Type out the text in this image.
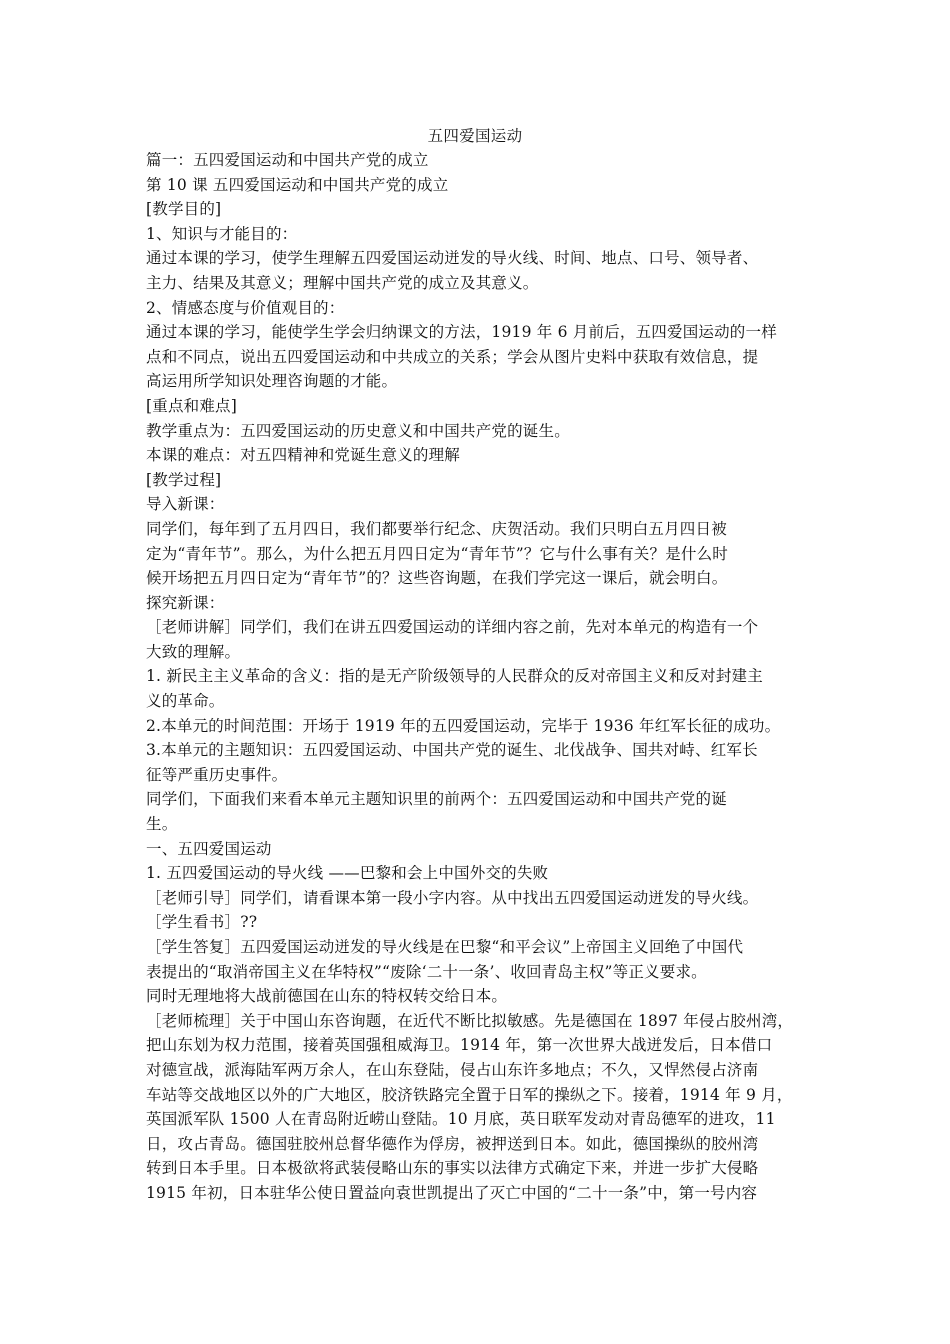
五四爱国运动
篇一：五四爱国运动和中国共产党的成立
第 10 课 五四爱国运动和中国共产党的成立
[教学目的]
1、知识与才能目的：
通过本课的学习，使学生理解五四爱国运动迸发的导火线、时间、地点、口号、领导者、
主力、结果及其意义；理解中国共产党的成立及其意义。
2、情感态度与价值观目的：
通过本课的学习，能使学生学会归纳课文的方法，1919 年 6 月前后，五四爱国运动的一样
点和不同点，说出五四爱国运动和中共成立的关系；学会从图片史料中获取有效信息，提
高运用所学知识处理咨询题的才能。
[重点和难点]
教学重点为：五四爱国运动的历史意义和中国共产党的诞生。
本课的难点：对五四精神和党诞生意义的理解
[教学过程]
导入新课：
同学们，每年到了五月四日，我们都要举行纪念、庆贺活动。我们只明白五月四日被
定为“青年节”。那么，为什么把五月四日定为“青年节”？它与什么事有关？是什么时
候开场把五月四日定为“青年节”的？这些咨询题，在我们学完这一课后，就会明白。
探究新课：
［老师讲解］同学们，我们在讲五四爱国运动的详细内容之前，先对本单元的构造有一个
大致的理解。
1. 新民主主义革命的含义：指的是无产阶级领导的人民群众的反对帝国主义和反对封建主
义的革命。
2.本单元的时间范围：开场于 1919 年的五四爱国运动，完毕于 1936 年红军长征的成功。
3.本单元的主题知识：五四爱国运动、中国共产党的诞生、北伐战争、国共对峙、红军长
征等严重历史事件。
同学们，下面我们来看本单元主题知识里的前两个：五四爱国运动和中国共产党的诞
生。
一、五四爱国运动
1. 五四爱国运动的导火线 ——巴黎和会上中国外交的失败
［老师引导］同学们，请看课本第一段小字内容。从中找出五四爱国运动迸发的导火线。
［学生看书］??
［学生答复］五四爱国运动迸发的导火线是在巴黎“和平会议”上帝国主义回绝了中国代
表提出的“取消帝国主义在华特权”“废除‘二十一条’、收回青岛主权”等正义要求。
同时无理地将大战前德国在山东的特权转交给日本。
［老师梳理］关于中国山东咨询题，在近代不断比拟敏感。先是德国在 1897 年侵占胶州湾，
把山东划为权力范围，接着英国强租威海卫。1914 年，第一次世界大战迸发后，日本借口
对德宣战，派海陆军两万余人，在山东登陆，侵占山东许多地点；不久，又悍然侵占济南
车站等交战地区以外的广大地区，胶济铁路完全置于日军的操纵之下。接着，1914 年 9 月，
英国派军队 1500 人在青岛附近崂山登陆。10 月底，英日联军发动对青岛德军的进攻，11
日，攻占青岛。德国驻胶州总督华德作为俘房，被押送到日本。如此，德国操纵的胶州湾
转到日本手里。日本极欲将武装侵略山东的事实以法律方式确定下来，并进一步扩大侵略
1915 年初，日本驻华公使日置益向袁世凯提出了灭亡中国的“二十一条”中，第一号内容
